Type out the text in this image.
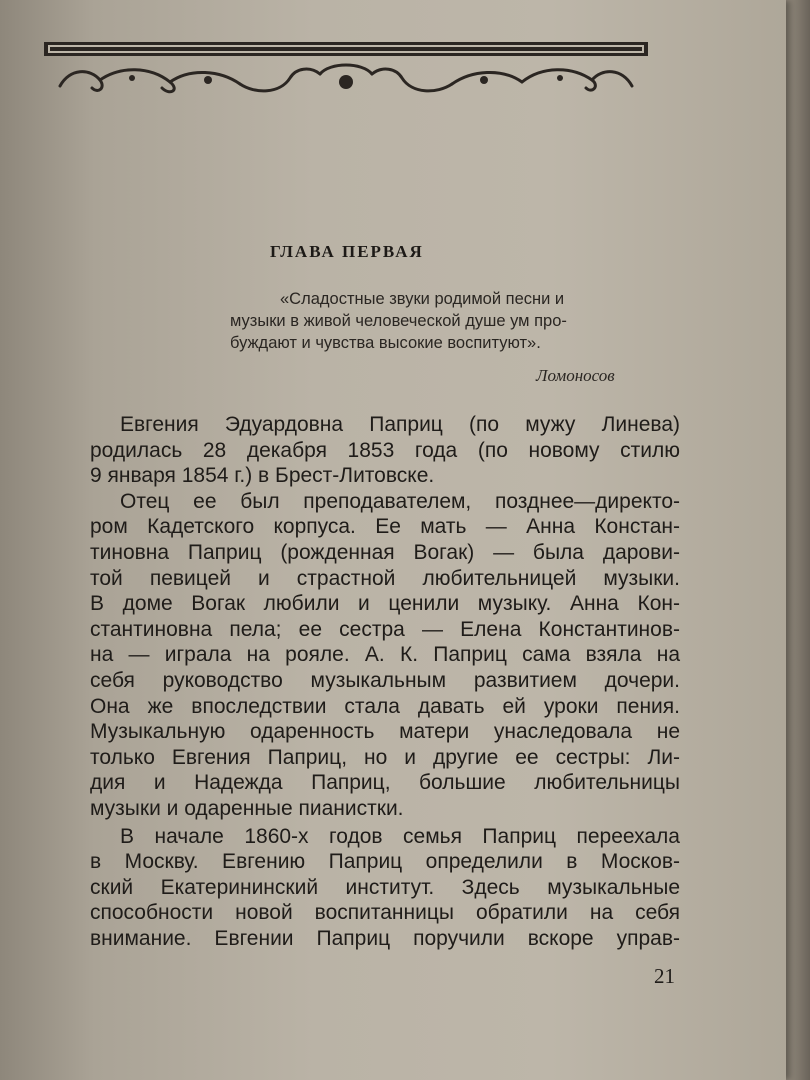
ГЛАВА ПЕРВАЯ
«Сладостные звуки родимой песни и
музыки в живой человеческой душе ум про-
буждают и чувства высокие воспитуют».
Ломоносов
Евгения Эдуардовна Паприц (по мужу Линева)
родилась 28 декабря 1853 года (по новому стилю
9 января 1854 г.) в Брест-Литовске.
Отец ее был преподавателем, позднее—директо-
ром Кадетского корпуса. Ее мать — Анна Констан-
тиновна Паприц (рожденная Вогак) — была дарови-
той певицей и страстной любительницей музыки.
В доме Вогак любили и ценили музыку. Анна Кон-
стантиновна пела; ее сестра — Елена Константинов-
на — играла на рояле. А. К. Паприц сама взяла на
себя руководство музыкальным развитием дочери.
Она же впоследствии стала давать ей уроки пения.
Музыкальную одаренность матери унаследовала не
только Евгения Паприц, но и другие ее сестры: Ли-
дия и Надежда Паприц, большие любительницы
музыки и одаренные пианистки.
В начале 1860-х годов семья Паприц переехала
в Москву. Евгению Паприц определили в Москов-
ский Екатерининский институт. Здесь музыкальные
способности новой воспитанницы обратили на себя
внимание. Евгении Паприц поручили вскоре управ-
21
